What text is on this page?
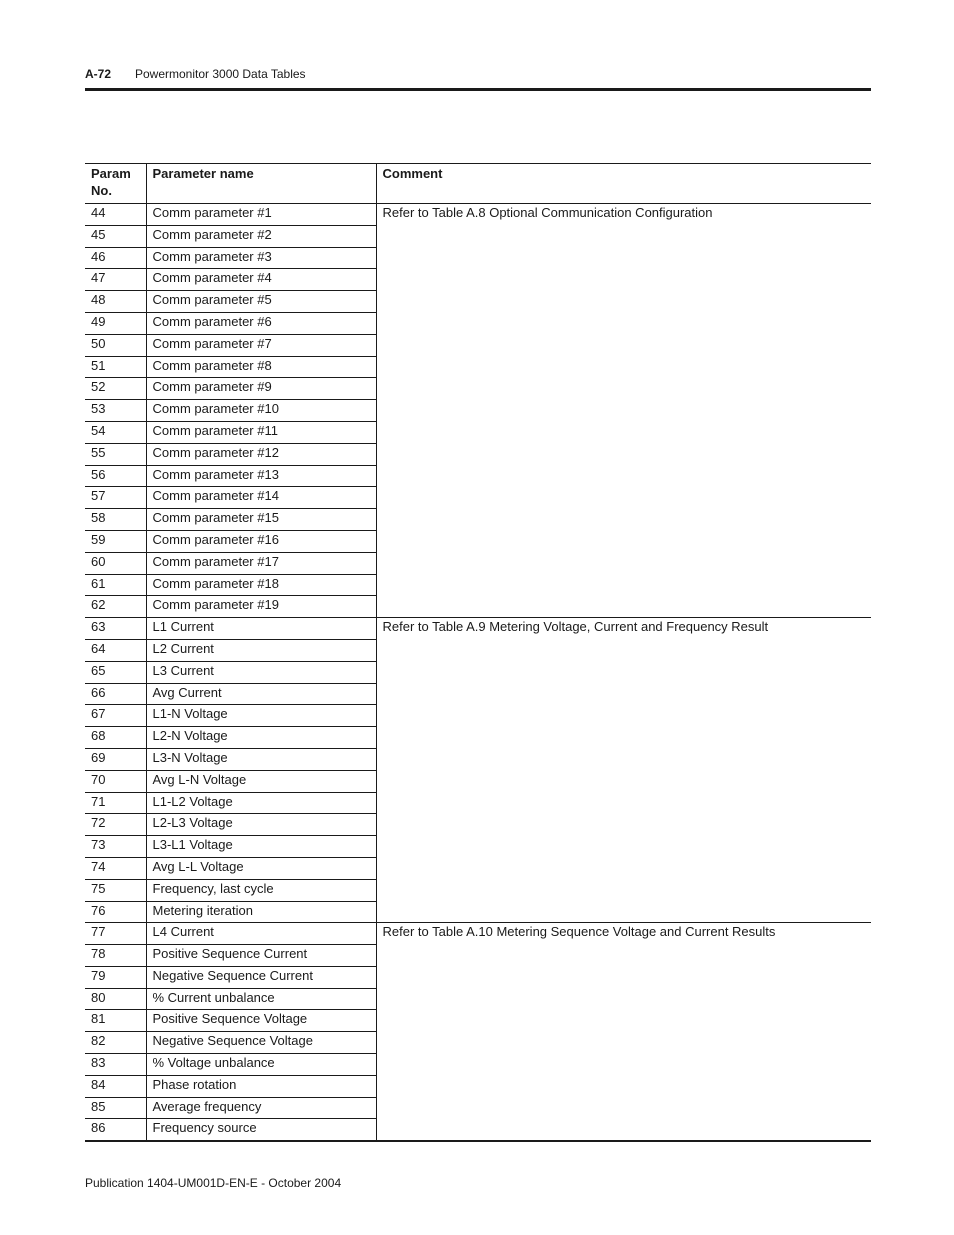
A-72 Powermonitor 3000 Data Tables
Param No.	Parameter name	Comment
44	Comm parameter #1	Refer to Table A.8 Optional Communication Configuration
45	Comm parameter #2	
46	Comm parameter #3	
47	Comm parameter #4	
48	Comm parameter #5	
49	Comm parameter #6	
50	Comm parameter #7	
51	Comm parameter #8	
52	Comm parameter #9	
53	Comm parameter #10	
54	Comm parameter #11	
55	Comm parameter #12	
56	Comm parameter #13	
57	Comm parameter #14	
58	Comm parameter #15	
59	Comm parameter #16	
60	Comm parameter #17	
61	Comm parameter #18	
62	Comm parameter #19	
63	L1 Current	Refer to Table A.9 Metering Voltage, Current and Frequency Result
64	L2 Current	
65	L3 Current	
66	Avg Current	
67	L1-N Voltage	
68	L2-N Voltage	
69	L3-N Voltage	
70	Avg L-N Voltage	
71	L1-L2 Voltage	
72	L2-L3 Voltage	
73	L3-L1 Voltage	
74	Avg L-L Voltage	
75	Frequency, last cycle	
76	Metering iteration	
77	L4 Current	Refer to Table A.10 Metering Sequence Voltage and Current Results
78	Positive Sequence Current	
79	Negative Sequence Current	
80	% Current unbalance	
81	Positive Sequence Voltage	
82	Negative Sequence Voltage	
83	% Voltage unbalance	
84	Phase rotation	
85	Average frequency	
86	Frequency source	
Publication 1404-UM001D-EN-E - October 2004
